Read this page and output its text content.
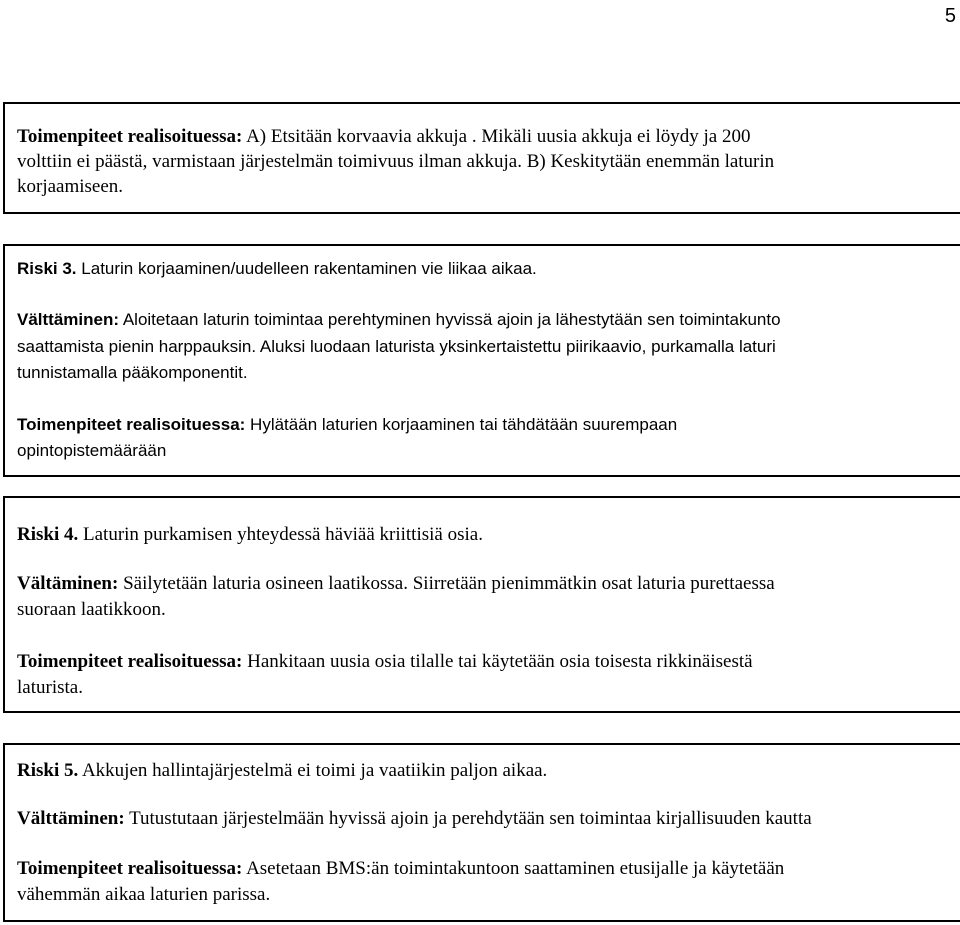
5
Toimenpiteet realisoituessa: A) Etsitään korvaavia akkuja . Mikäli uusia akkuja ei löydy ja 200
volttiin ei päästä, varmistaan järjestelmän toimivuus ilman akkuja. B) Keskitytään enemmän laturin
korjaamiseen.
Riski 3. Laturin korjaaminen/uudelleen rakentaminen vie liikaa aikaa.
Välttäminen: Aloitetaan laturin toimintaa perehtyminen hyvissä ajoin ja lähestytään sen toimintakunto
saattamista pienin harppauksin. Aluksi luodaan laturista yksinkertaistettu piirikaavio, purkamalla laturi
tunnistamalla pääkomponentit.
Toimenpiteet realisoituessa: Hylätään laturien korjaaminen tai tähdätään suurempaan
opintopistemäärään
Riski 4. Laturin purkamisen yhteydessä häviää kriittisiä osia.
Vältäminen: Säilytetään laturia osineen laatikossa. Siirretään pienimmätkin osat laturia purettaessa
suoraan laatikkoon.
Toimenpiteet realisoituessa: Hankitaan uusia osia tilalle tai käytetään osia toisesta rikkinäisestä
laturista.
Riski 5. Akkujen hallintajärjestelmä ei toimi ja vaatiikin paljon aikaa.
Välttäminen: Tutustutaan järjestelmään hyvissä ajoin ja perehdytään sen toimintaa kirjallisuuden kautta
Toimenpiteet realisoituessa: Asetetaan BMS:än toimintakuntoon saattaminen etusijalle ja käytetään
vähemmän aikaa laturien parissa.
